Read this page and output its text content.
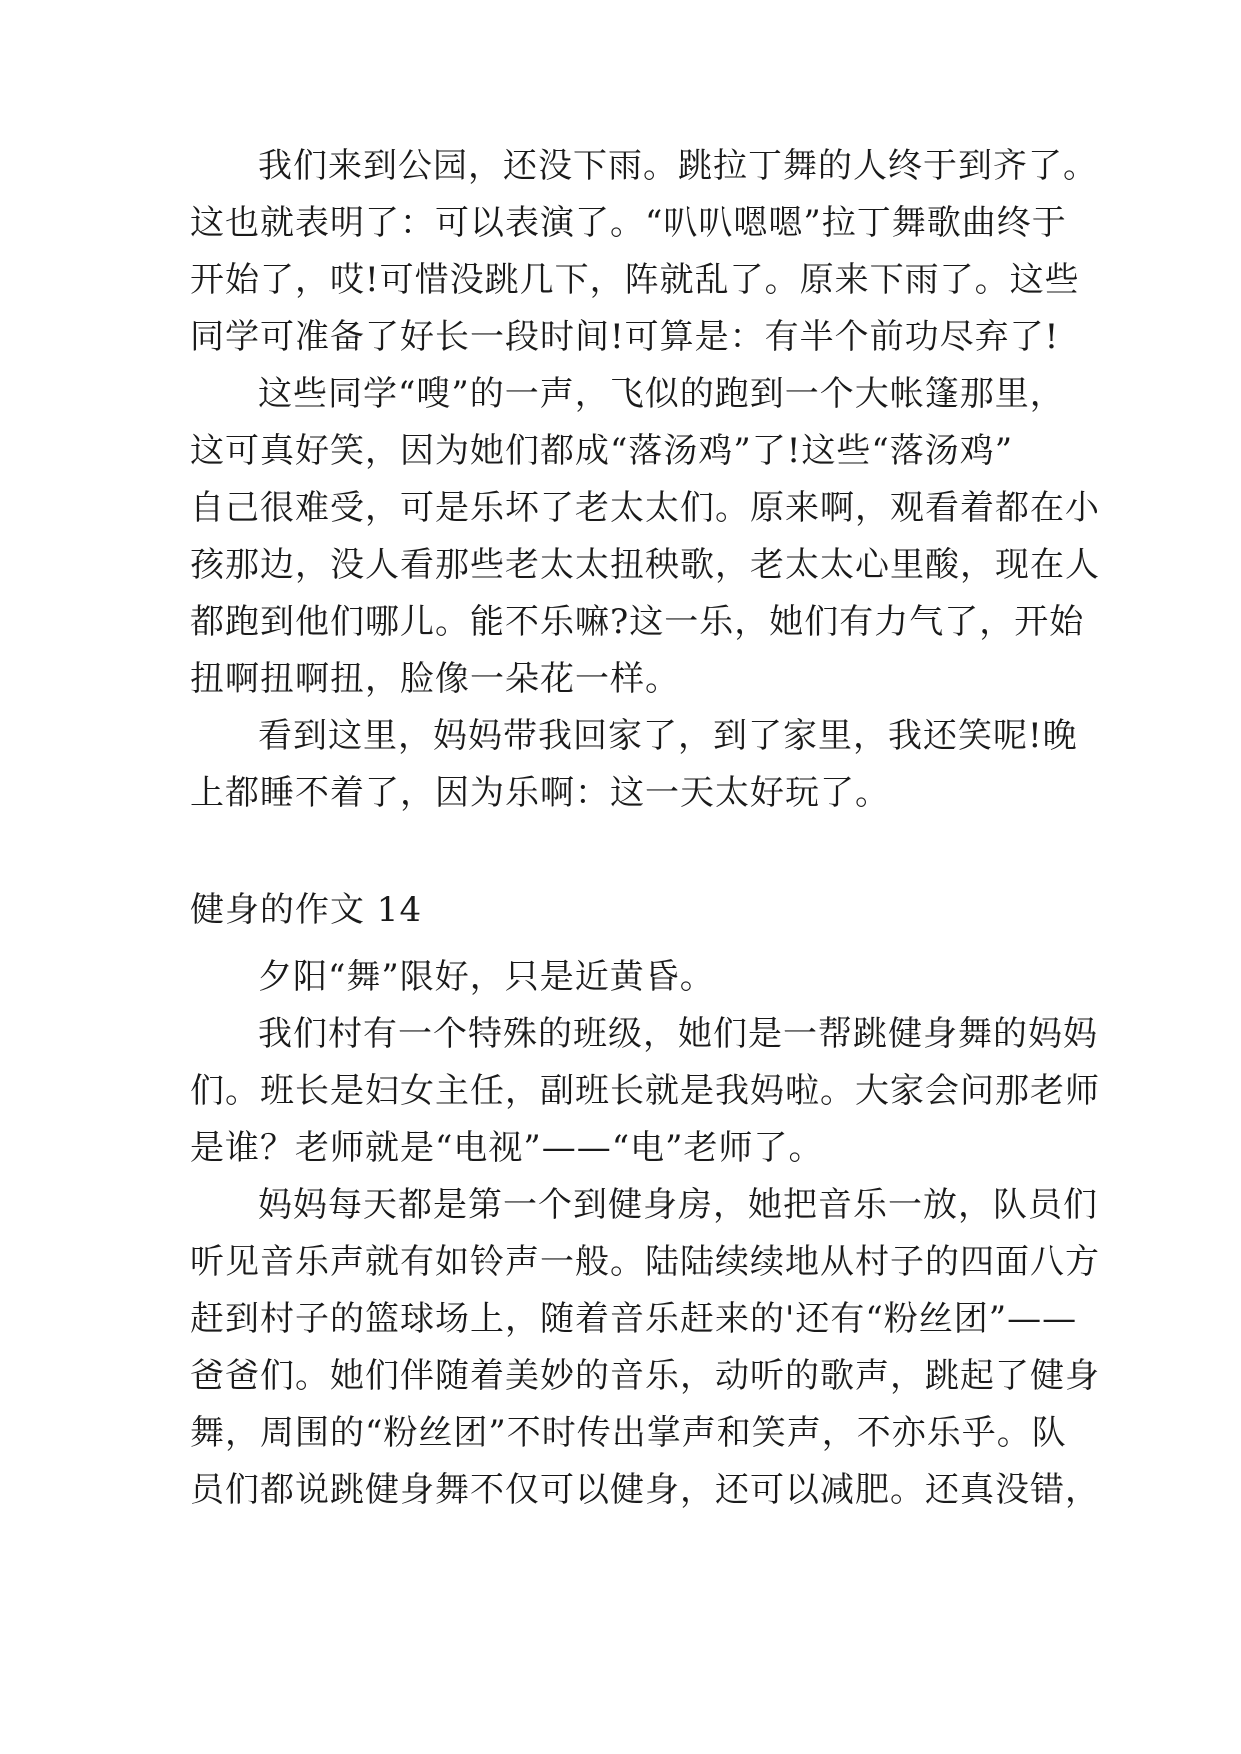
我们来到公园，还没下雨。跳拉丁舞的人终于到齐了。
这也就表明了：可以表演了。“叭叭嗯嗯”拉丁舞歌曲终于
开始了，哎!可惜没跳几下，阵就乱了。原来下雨了。这些
同学可准备了好长一段时间!可算是：有半个前功尽弃了!
这些同学“嗖”的一声，飞似的跑到一个大帐篷那里，
这可真好笑，因为她们都成“落汤鸡”了!这些“落汤鸡”
自己很难受，可是乐坏了老太太们。原来啊，观看着都在小
孩那边，没人看那些老太太扭秧歌，老太太心里酸，现在人
都跑到他们哪儿。能不乐嘛?这一乐，她们有力气了，开始
扭啊扭啊扭，脸像一朵花一样。
看到这里，妈妈带我回家了，到了家里，我还笑呢!晚
上都睡不着了，因为乐啊：这一天太好玩了。
健身的作文 14
夕阳“舞”限好，只是近黄昏。
我们村有一个特殊的班级，她们是一帮跳健身舞的妈妈
们。班长是妇女主任，副班长就是我妈啦。大家会问那老师
是谁？老师就是“电视”——“电”老师了。
妈妈每天都是第一个到健身房，她把音乐一放，队员们
听见音乐声就有如铃声一般。陆陆续续地从村子的四面八方
赶到村子的篮球场上，随着音乐赶来的'还有“粉丝团”——
爸爸们。她们伴随着美妙的音乐，动听的歌声，跳起了健身
舞，周围的“粉丝团”不时传出掌声和笑声，不亦乐乎。队
员们都说跳健身舞不仅可以健身，还可以减肥。还真没错，
